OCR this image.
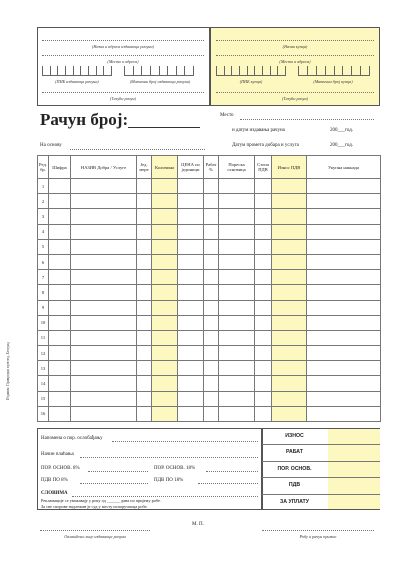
(Назив и адреса издаваоца рачуна)
(Место и адреса)
(ПИБ издаваоца рачуна)	(Матични број издаваоца рачуна)
(Текући рачун)
(Назив купца)
(Место и адреса)
(ПИБ купца)	(Матични број купца)
(Текући рачун)
Рачун број:
На основу
Место
и датум издавања рачуна	200___год.
Датум промета добара и услуга	200___год.
Ред. бр.	Шифра	НАЗИВ Добра / Услуге	Јед. мере	Количина	ЦЕНА по јединици	Рабат %	Пореска основица	Стопа ПДВ	Износ ПДВ	Укупна накнада
1										
2										
3										
4										
5										
6										
7										
8										
9										
10										
11										
12										
13										
14										
15										
16										
Издавач: Привредни преглед, Београд
Напомена о пор. ослобађању
Начин плаћања
ПОР. ОСНОВ. 8%	ПОР. ОСНОВ. 18%
ПДВ ПО 8%	ПДВ ПО 18%
СЛОВИМА
Рекламације се уважавају у року од ______ дана по пријему робе.
За све спорове надлежан је суд у месту испоручиоца робе.
ИЗНОС
РАБАТ
ПОР. ОСНОВ.
ПДВ
ЗА УПЛАТУ
М. П.
Овлашћено лице издаваоца рачуна	Робу и рачун примио
